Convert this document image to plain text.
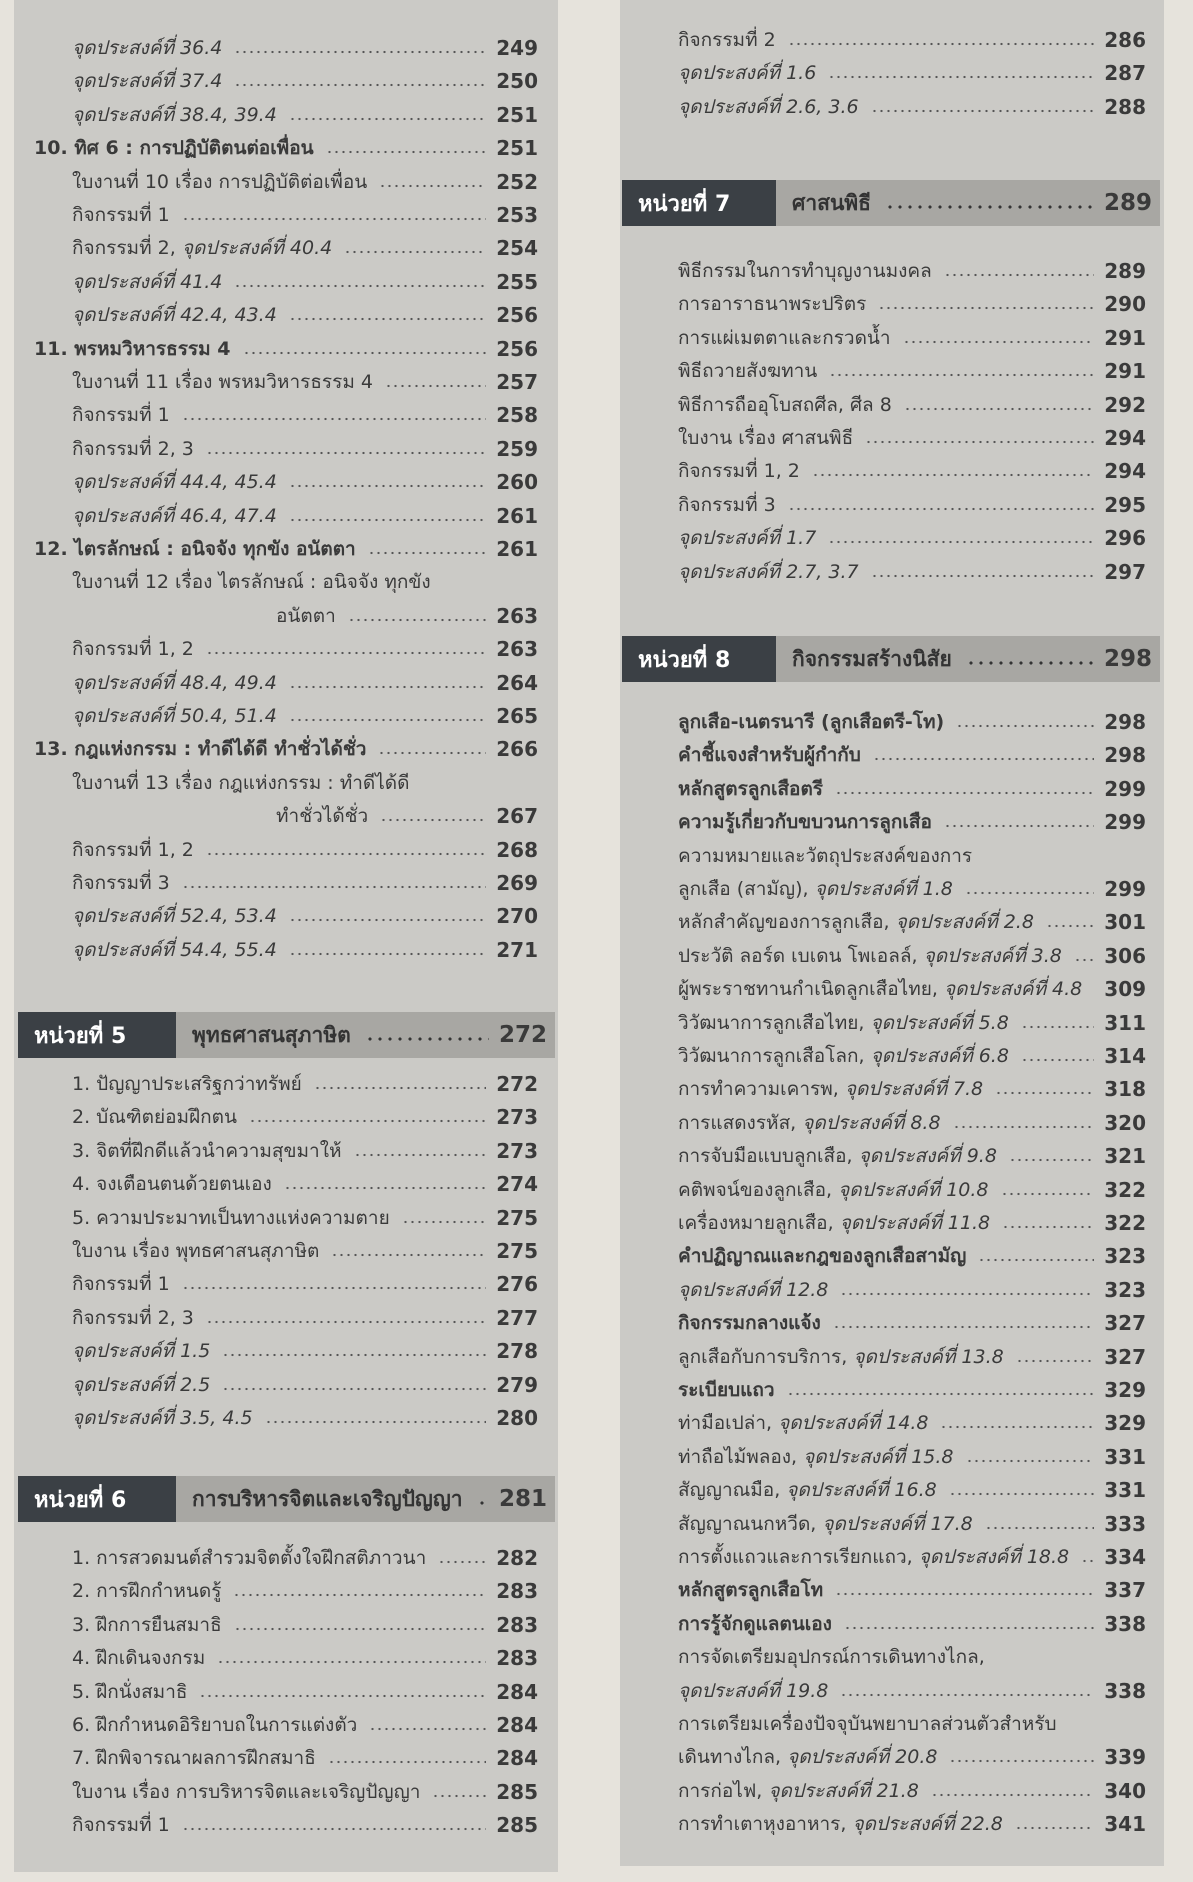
จุดประสงค์ที่ 36.4	249
จุดประสงค์ที่ 37.4	250
จุดประสงค์ที่ 38.4, 39.4	251
10. ทิศ 6 : การปฏิบัติตนต่อเพื่อน	251
ใบงานที่ 10 เรื่อง การปฏิบัติต่อเพื่อน	252
กิจกรรมที่ 1	253
กิจกรรมที่ 2, จุดประสงค์ที่ 40.4	254
จุดประสงค์ที่ 41.4	255
จุดประสงค์ที่ 42.4, 43.4	256
11. พรหมวิหารธรรม 4	256
ใบงานที่ 11 เรื่อง พรหมวิหารธรรม 4	257
กิจกรรมที่ 1	258
กิจกรรมที่ 2, 3	259
จุดประสงค์ที่ 44.4, 45.4	260
จุดประสงค์ที่ 46.4, 47.4	261
12. ไตรลักษณ์ : อนิจจัง ทุกขัง อนัตตา	261
ใบงานที่ 12 เรื่อง ไตรลักษณ์ : อนิจจัง ทุกขัง
อนัตตา	263
กิจกรรมที่ 1, 2	263
จุดประสงค์ที่ 48.4, 49.4	264
จุดประสงค์ที่ 50.4, 51.4	265
13. กฎแห่งกรรม : ทำดีได้ดี ทำชั่วได้ชั่ว	266
ใบงานที่ 13 เรื่อง กฎแห่งกรรม : ทำดีได้ดี
ทำชั่วได้ชั่ว	267
กิจกรรมที่ 1, 2	268
กิจกรรมที่ 3	269
จุดประสงค์ที่ 52.4, 53.4	270
จุดประสงค์ที่ 54.4, 55.4	271
หน่วยที่ 5	พุทธศาสนสุภาษิต	272
1. ปัญญาประเสริฐกว่าทรัพย์	272
2. บัณฑิตย่อมฝึกตน	273
3. จิตที่ฝึกดีแล้วนำความสุขมาให้	273
4. จงเตือนตนด้วยตนเอง	274
5. ความประมาทเป็นทางแห่งความตาย	275
ใบงาน เรื่อง พุทธศาสนสุภาษิต	275
กิจกรรมที่ 1	276
กิจกรรมที่ 2, 3	277
จุดประสงค์ที่ 1.5	278
จุดประสงค์ที่ 2.5	279
จุดประสงค์ที่ 3.5, 4.5	280
หน่วยที่ 6	การบริหารจิตและเจริญปัญญา 281
1. การสวดมนต์สำรวมจิตตั้งใจฝึกสติภาวนา	282
2. การฝึกกำหนดรู้	283
3. ฝึกการยืนสมาธิ	283
4. ฝึกเดินจงกรม	283
5. ฝึกนั่งสมาธิ	284
6. ฝึกกำหนดอิริยาบถในการแต่งตัว	284
7. ฝึกพิจารณาผลการฝึกสมาธิ	284
ใบงาน เรื่อง การบริหารจิตและเจริญปัญญา	285
กิจกรรมที่ 1	285
กิจกรรมที่ 2	286
จุดประสงค์ที่ 1.6	287
จุดประสงค์ที่ 2.6, 3.6	288
หน่วยที่ 7	ศาสนพิธี	289
พิธีกรรมในการทำบุญงานมงคล	289
การอาราธนาพระปริตร	290
การแผ่เมตตาและกรวดน้ำ	291
พิธีถวายสังฆทาน	291
พิธีการถืออุโบสถศีล, ศีล 8	292
ใบงาน เรื่อง ศาสนพิธี	294
กิจกรรมที่ 1, 2	294
กิจกรรมที่ 3	295
จุดประสงค์ที่ 1.7	296
จุดประสงค์ที่ 2.7, 3.7	297
หน่วยที่ 8	กิจกรรมสร้างนิสัย	298
ลูกเสือ-เนตรนารี (ลูกเสือตรี-โท)	298
คำชี้แจงสำหรับผู้กำกับ	298
หลักสูตรลูกเสือตรี	299
ความรู้เกี่ยวกับขบวนการลูกเสือ	299
ความหมายและวัตถุประสงค์ของการ
ลูกเสือ (สามัญ), จุดประสงค์ที่ 1.8	299
หลักสำคัญของการลูกเสือ, จุดประสงค์ที่ 2.8	301
ประวัติ ลอร์ด เบเดน โพเอลล์, จุดประสงค์ที่ 3.8 306
ผู้พระราชทานกำเนิดลูกเสือไทย, จุดประสงค์ที่ 4.8 309
วิวัฒนาการลูกเสือไทย, จุดประสงค์ที่ 5.8	311
วิวัฒนาการลูกเสือโลก, จุดประสงค์ที่ 6.8	314
การทำความเคารพ, จุดประสงค์ที่ 7.8	318
การแสดงรหัส, จุดประสงค์ที่ 8.8	320
การจับมือแบบลูกเสือ, จุดประสงค์ที่ 9.8	321
คติพจน์ของลูกเสือ, จุดประสงค์ที่ 10.8	322
เครื่องหมายลูกเสือ, จุดประสงค์ที่ 11.8	322
คำปฏิญาณและกฎของลูกเสือสามัญ	323
จุดประสงค์ที่ 12.8	323
กิจกรรมกลางแจ้ง	327
ลูกเสือกับการบริการ, จุดประสงค์ที่ 13.8	327
ระเบียบแถว	329
ท่ามือเปล่า, จุดประสงค์ที่ 14.8	329
ท่าถือไม้พลอง, จุดประสงค์ที่ 15.8	331
สัญญาณมือ, จุดประสงค์ที่ 16.8	331
สัญญาณนกหวีด, จุดประสงค์ที่ 17.8	333
การตั้งแถวและการเรียกแถว, จุดประสงค์ที่ 18.8 334
หลักสูตรลูกเสือโท	337
การรู้จักดูแลตนเอง	338
การจัดเตรียมอุปกรณ์การเดินทางไกล,
จุดประสงค์ที่ 19.8	338
การเตรียมเครื่องปัจจุบันพยาบาลส่วนตัวสำหรับ
เดินทางไกล, จุดประสงค์ที่ 20.8	339
การก่อไฟ, จุดประสงค์ที่ 21.8	340
การทำเตาหุงอาหาร, จุดประสงค์ที่ 22.8	341
